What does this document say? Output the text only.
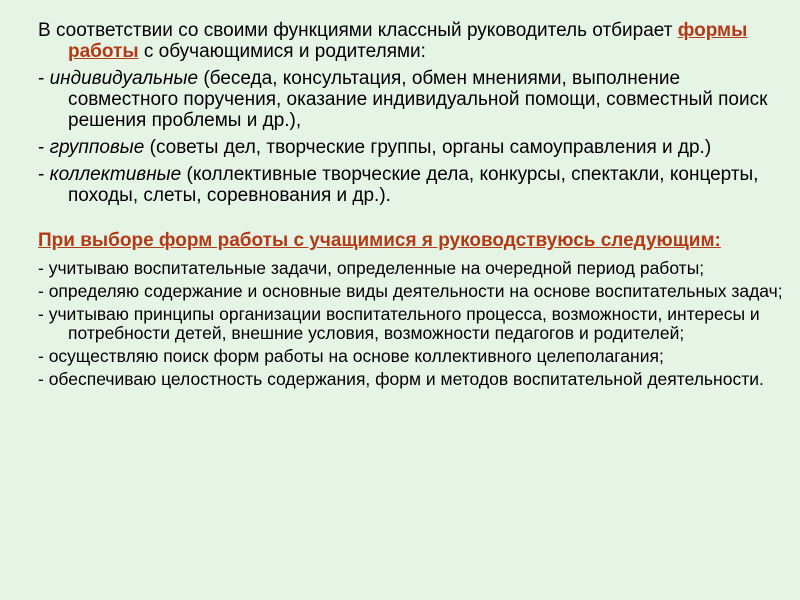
В соответствии со своими функциями классный руководитель отбирает формы работы с обучающимися и родителями:

- индивидуальные (беседа, консультация, обмен мнениями, выполнение совместного поручения, оказание индивидуальной помощи, совместный поиск решения проблемы и др.),

- групповые (советы дел, творческие группы, органы самоуправления и др.)

- коллективные (коллективные творческие дела, конкурсы, спектакли, концерты, походы, слеты, соревнования и др.).

При выборе форм работы с учащимися я руководствуюсь следующим:

- учитываю воспитательные задачи, определенные на очередной период работы;

- определяю содержание и основные виды деятельности на основе воспитательных задач;

- учитываю принципы организации воспитательного процесса, возможности, интересы и потребности детей, внешние условия, возможности педагогов и родителей;

- осуществляю поиск форм работы на основе коллективного целеполагания;

- обеспечиваю целостность содержания, форм и методов воспитательной деятельности.
